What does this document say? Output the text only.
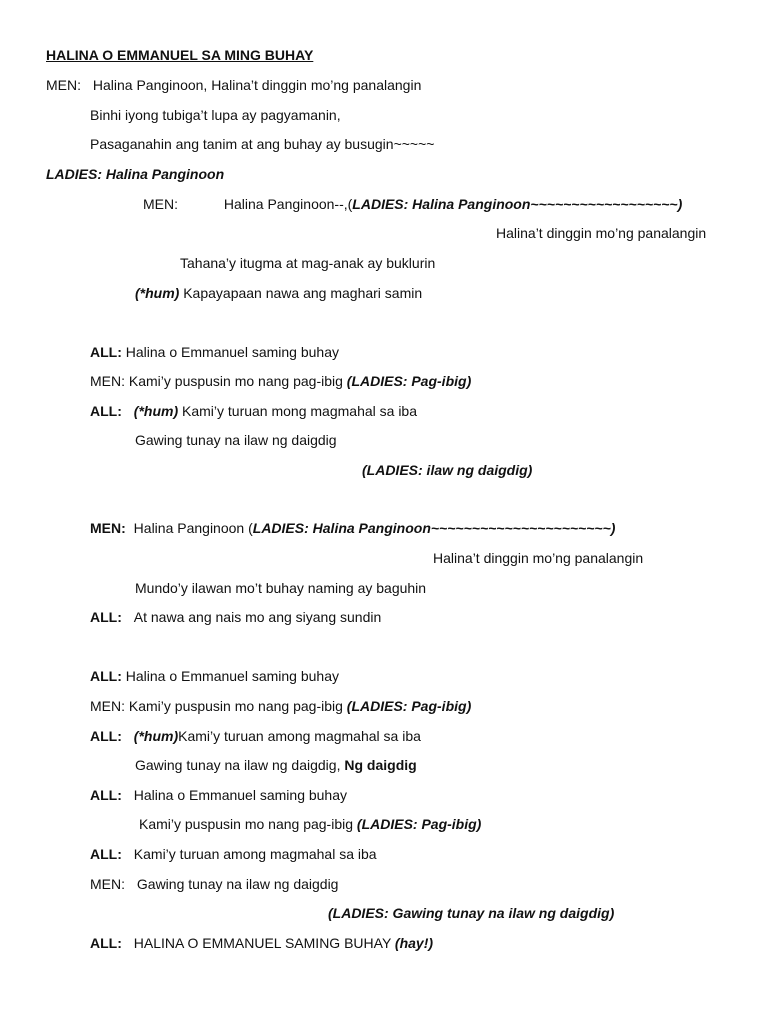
HALINA O EMMANUEL SA MING BUHAY
MEN: Halina Panginoon, Halina’t dinggin mo’ng panalangin
Binhi iyong tubiga’t lupa ay pagyamanin,
Pasaganahin ang tanim at ang buhay ay busugin~~~~~
LADIES: Halina Panginoon
MEN:	Halina Panginoon--,(LADIES: Halina Panginoon~~~~~~~~~~~~~~~~~~)
Halina’t dinggin mo’ng panalangin
Tahana’y itugma at mag-anak ay buklurin
(*hum) Kapayapaan nawa ang maghari samin
ALL: Halina o Emmanuel saming buhay
MEN: Kami’y puspusin mo nang pag-ibig (LADIES: Pag-ibig)
ALL: (*hum) Kami’y turuan mong magmahal sa iba
Gawing tunay na ilaw ng daigdig
(LADIES: ilaw ng daigdig)
MEN: Halina Panginoon (LADIES: Halina Panginoon~~~~~~~~~~~~~~~~~~~~~~)
Halina’t dinggin mo’ng panalangin
Mundo’y ilawan mo’t buhay naming ay baguhin
ALL: At nawa ang nais mo ang siyang sundin
ALL: Halina o Emmanuel saming buhay
MEN: Kami’y puspusin mo nang pag-ibig (LADIES: Pag-ibig)
ALL: (*hum)Kami’y turuan among magmahal sa iba
Gawing tunay na ilaw ng daigdig, Ng daigdig
ALL: Halina o Emmanuel saming buhay
Kami’y puspusin mo nang pag-ibig (LADIES: Pag-ibig)
ALL: Kami’y turuan among magmahal sa iba
MEN: Gawing tunay na ilaw ng daigdig
(LADIES: Gawing tunay na ilaw ng daigdig)
ALL: HALINA O EMMANUEL SAMING BUHAY (hay!)
